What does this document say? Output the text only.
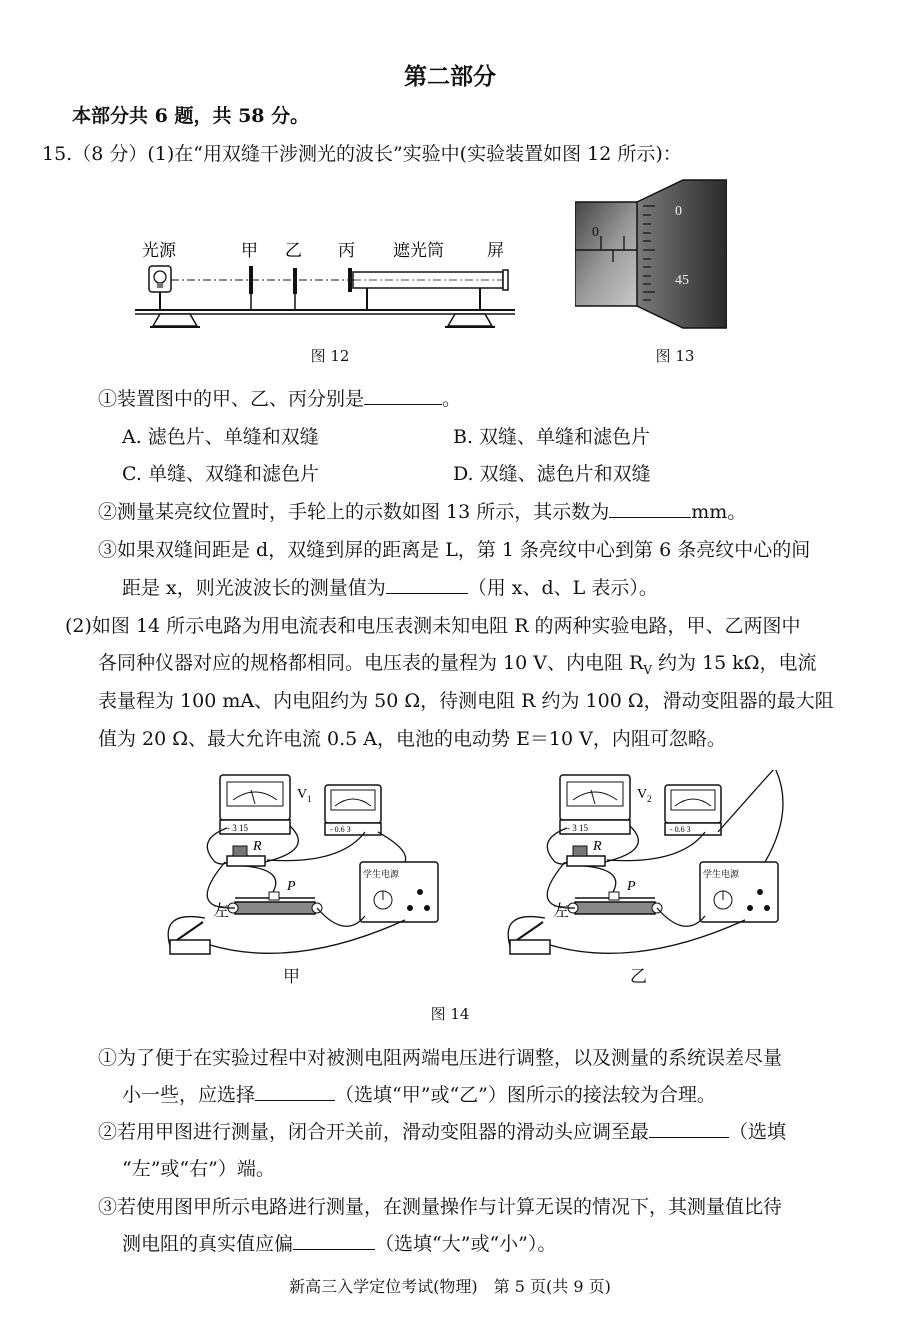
第二部分
本部分共 6 题，共 58 分。
15.（8 分）(1)在“用双缝干涉测光的波长”实验中(实验装置如图 12 所示)：
光源	甲 乙 丙 遮光筒	屏
图 12
0
0
45
图 13
①装置图中的甲、乙、丙分别是	。
A. 滤色片、单缝和双缝	B. 双缝、单缝和滤色片
C. 单缝、双缝和滤色片	D. 双缝、滤色片和双缝
②测量某亮纹位置时，手轮上的示数如图 13 所示，其示数为	mm。
③如果双缝间距是 d，双缝到屏的距离是 L，第 1 条亮纹中心到第 6 条亮纹中心的间
距是 x，则光波波长的测量值为	（用 x、d、L 表示）。
(2)如图 14 所示电路为用电流表和电压表测未知电阻 R 的两种实验电路，甲、乙两图中
各同种仪器对应的规格都相同。电压表的量程为 10 V、内电阻 $R_V$ 约为 15 kΩ，电流
表量程为 100 mA、内电阻约为 50 Ω，待测电阻 R 约为 100 Ω，滑动变阻器的最大阻
值为 20 Ω、最大允许电流 0.5 A，电池的电动势 E＝10 V，内阻可忽略。
- 3 15
V 1
- 0.6 3
R
P
左
学生电源
甲
- 3 15
V 2
- 0.6 3
R
P
左
学生电源
乙
图 14
①为了便于在实验过程中对被测电阻两端电压进行调整，以及测量的系统误差尽量
小一些，应选择	（选填“甲”或“乙”）图所示的接法较为合理。
②若用甲图进行测量，闭合开关前，滑动变阻器的滑动头应调至最	（选填
“左”或“右”）端。
③若使用图甲所示电路进行测量，在测量操作与计算无误的情况下，其测量值比待
测电阻的真实值应偏	（选填“大”或“小”）。
新高三入学定位考试(物理)　第 5 页(共 9 页)
